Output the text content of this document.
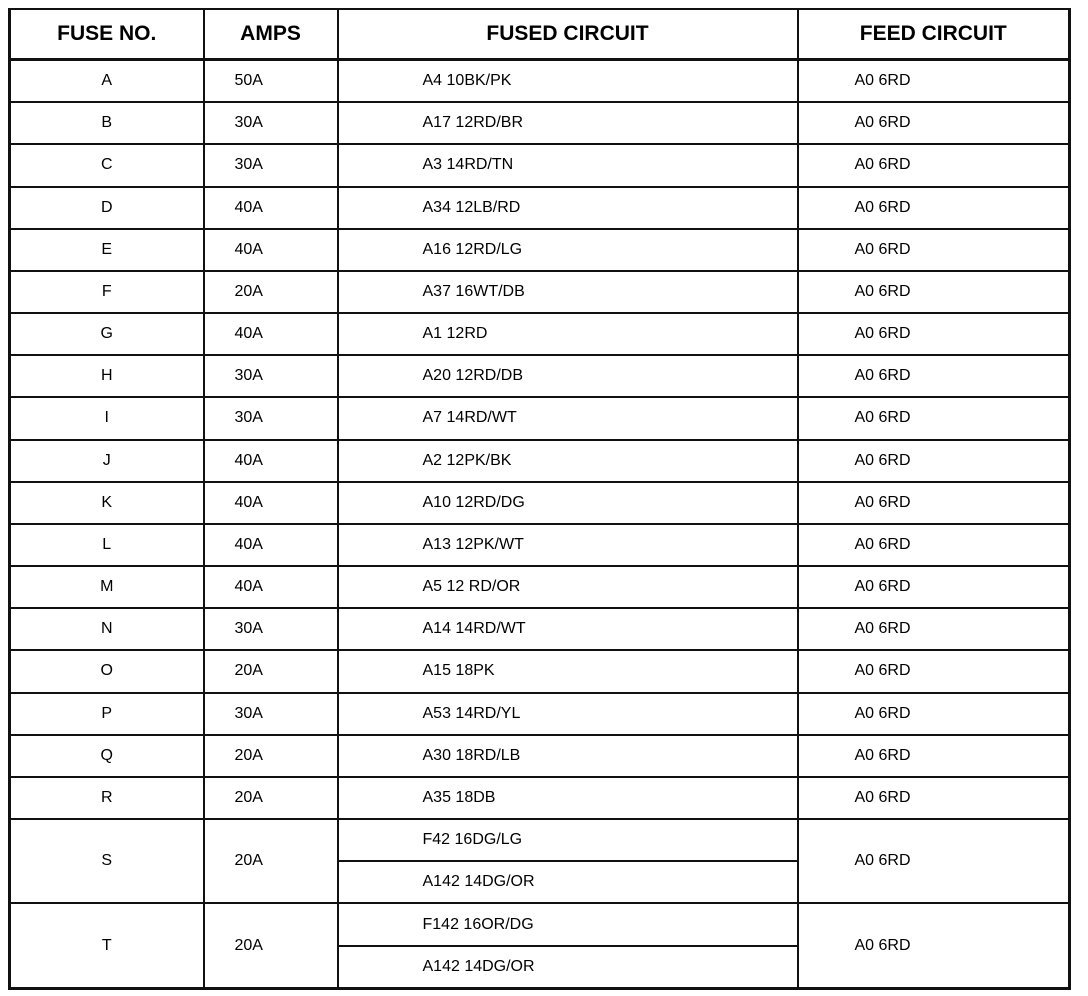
FUSE NO.	AMPS	FUSED CIRCUIT	FEED CIRCUIT
A	50A	A4 10BK/PK	A0 6RD
B	30A	A17 12RD/BR	A0 6RD
C	30A	A3 14RD/TN	A0 6RD
D	40A	A34 12LB/RD	A0 6RD
E	40A	A16 12RD/LG	A0 6RD
F	20A	A37 16WT/DB	A0 6RD
G	40A	A1 12RD	A0 6RD
H	30A	A20 12RD/DB	A0 6RD
I	30A	A7 14RD/WT	A0 6RD
J	40A	A2 12PK/BK	A0 6RD
K	40A	A10 12RD/DG	A0 6RD
L	40A	A13 12PK/WT	A0 6RD
M	40A	A5 12 RD/OR	A0 6RD
N	30A	A14 14RD/WT	A0 6RD
O	20A	A15 18PK	A0 6RD
P	30A	A53 14RD/YL	A0 6RD
Q	20A	A30 18RD/LB	A0 6RD
R	20A	A35 18DB	A0 6RD
S	20A	F42 16DG/LG	A0 6RD
		A142 14DG/OR	
T	20A	F142 16OR/DG	A0 6RD
		A142 14DG/OR	
